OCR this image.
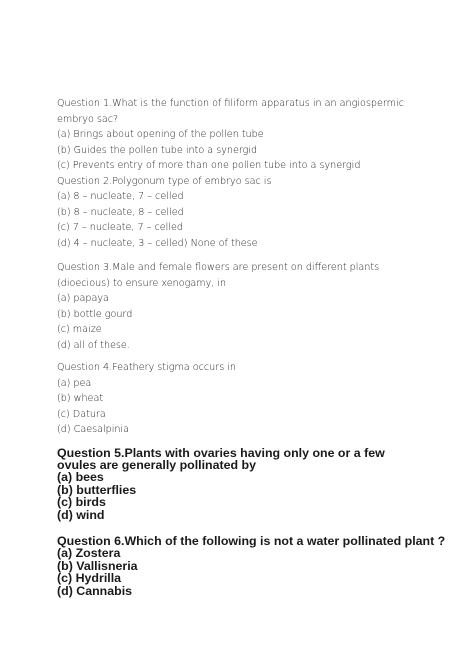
Question 1.What is the function of filiform apparatus in an angiospermic embryo sac?
(a) Brings about opening of the pollen tube
(b) Guides the pollen tube into a synergid
(c) Prevents entry of more than one pollen tube into a synergid
Question 2.Polygonum type of embryo sac is
(a) 8 – nucleate, 7 – celled
(b) 8 – nucleate, 8 – celled
(c) 7 – nucleate, 7 – celled
(d) 4 – nucleate, 3 – celled) None of these
Question 3.Male and female flowers are present on different plants (dioecious) to ensure xenogamy, in
(a) papaya
(b) bottle gourd
(c) maize
(d) all of these.
Question 4.Feathery stigma occurs in
(a) pea
(b) wheat
(c) Datura
(d) Caesalpinia
Question 5.Plants with ovaries having only one or a few ovules are generally pollinated by
(a) bees
(b) butterflies
(c) birds
(d) wind
Question 6.Which of the following is not a water pollinated plant ?
(a) Zostera
(b) Vallisneria
(c) Hydrilla
(d) Cannabis
